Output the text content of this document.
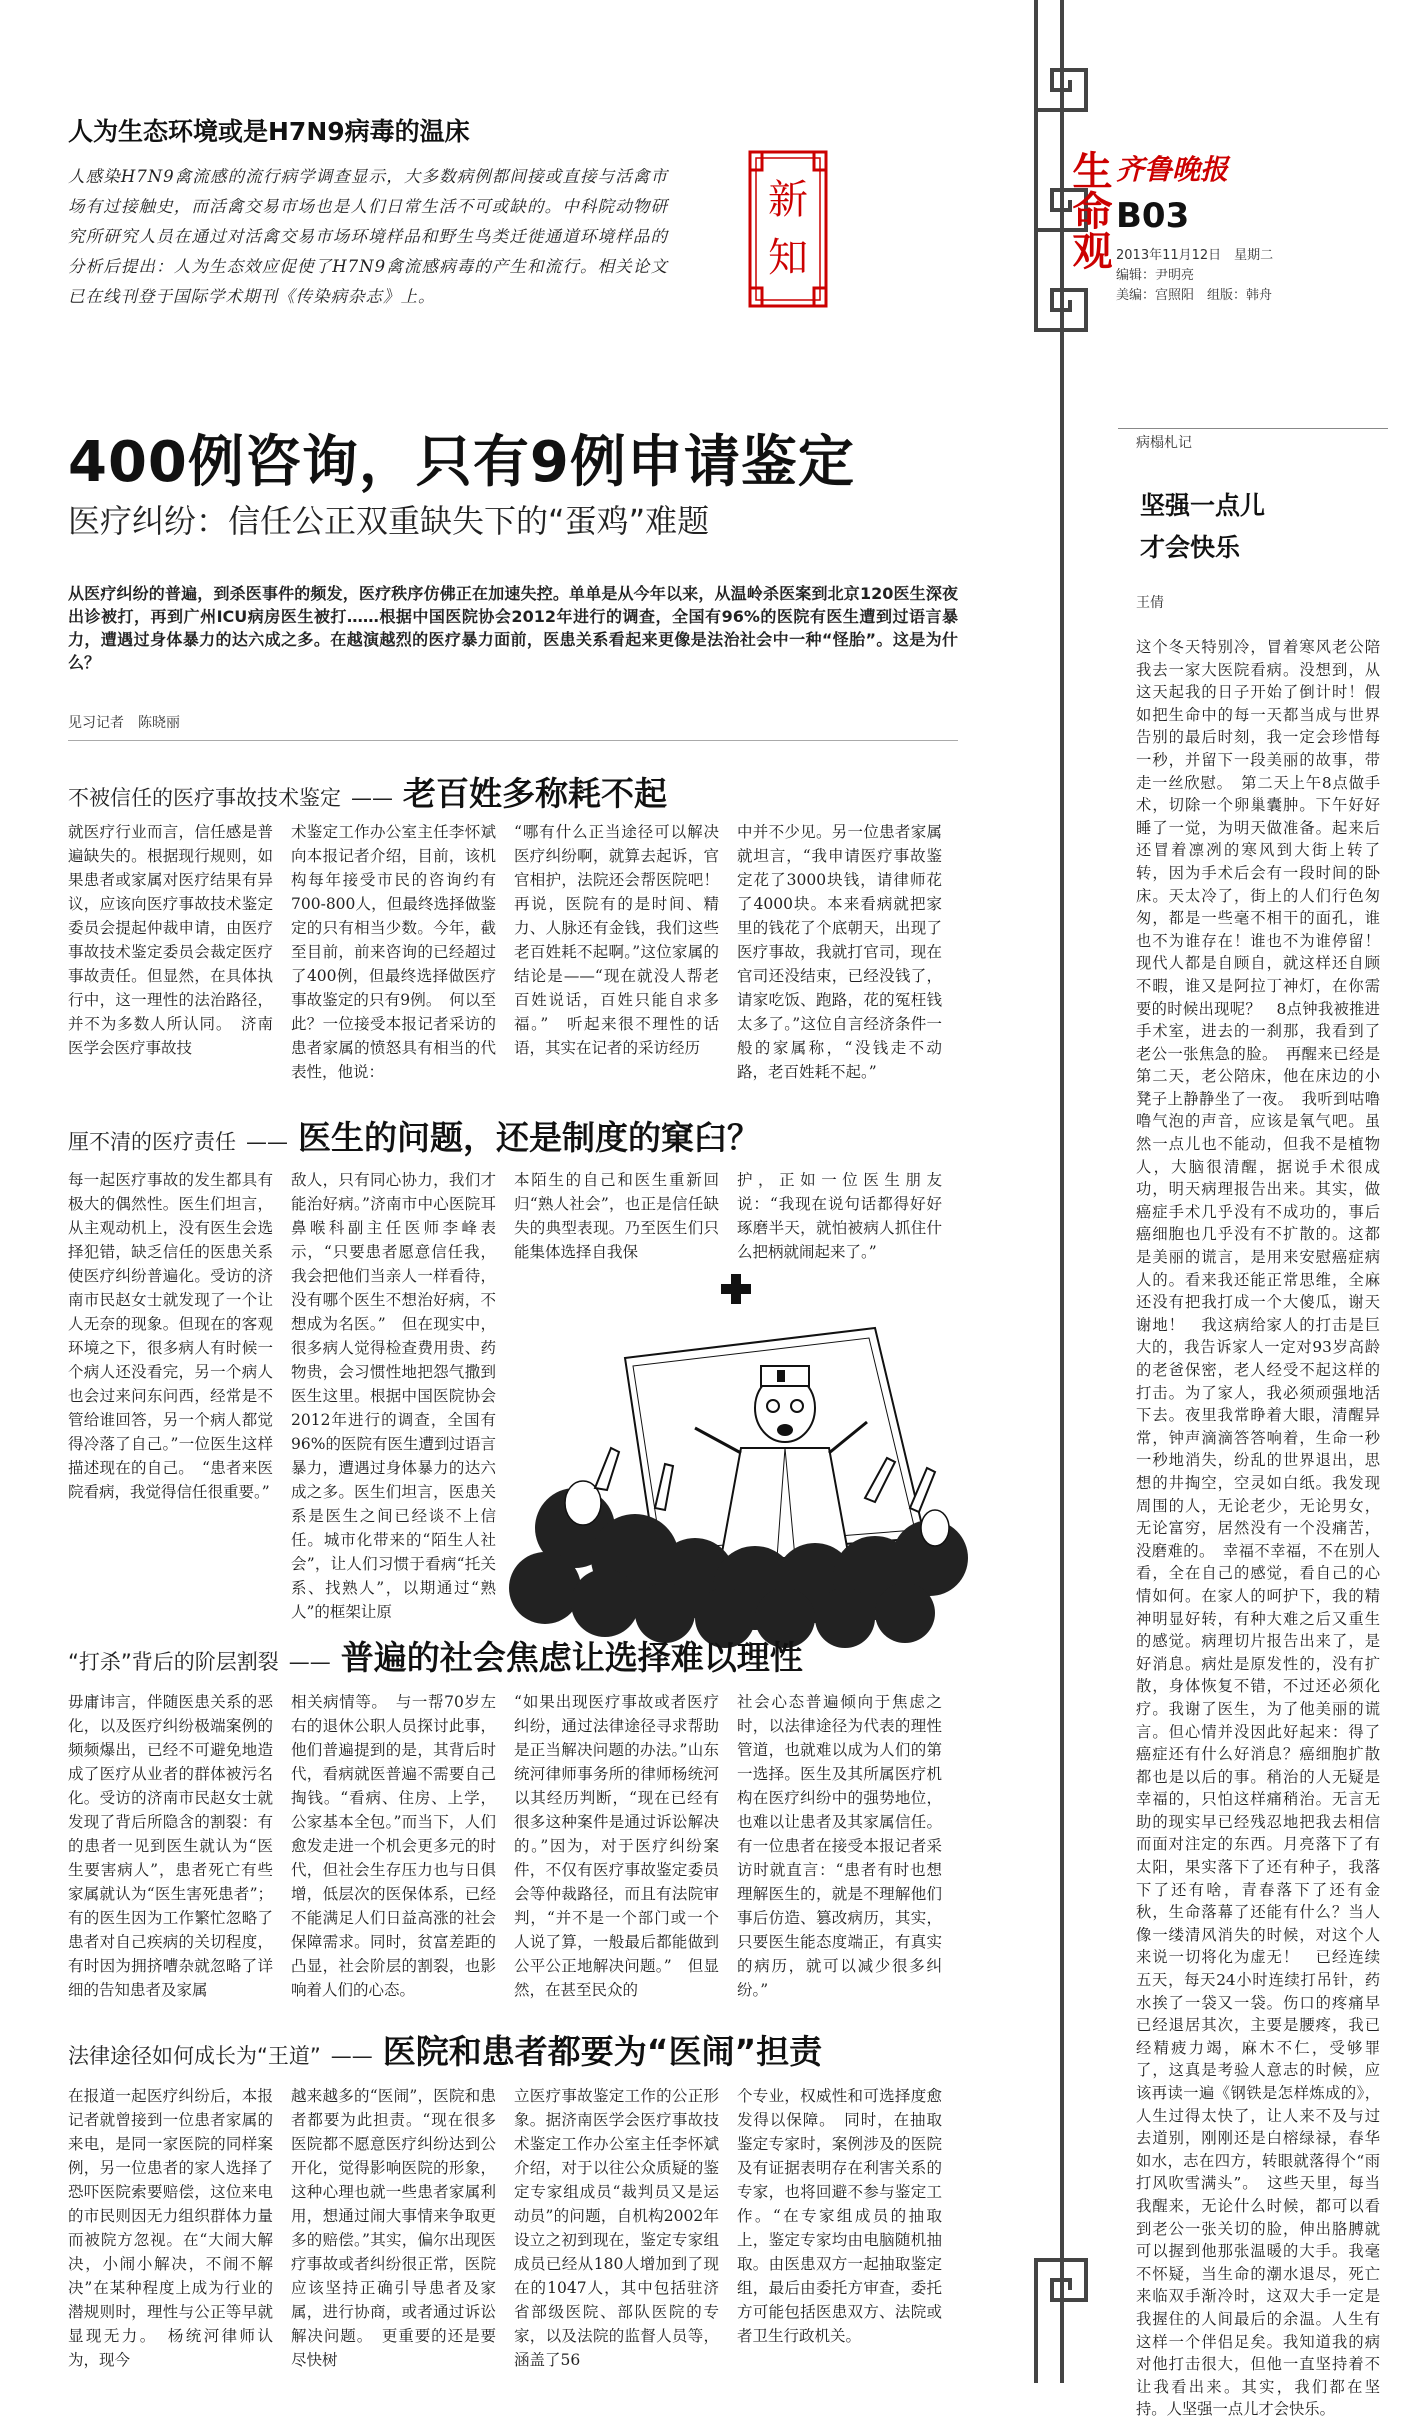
生命观 齐鲁晚报
B03
2013年11月12日　星期二
编辑：尹明亮
美编：宫照阳　组版：韩舟
人为生态环境或是H7N9病毒的温床
人感染H7N9禽流感的流行病学调查显示，大多数病例都间接或直接与活禽市场有过接触史，而活禽交易市场也是人们日常生活不可或缺的。中科院动物研究所研究人员在通过对活禽交易市场环境样品和野生鸟类迁徙通道环境样品的分析后提出：人为生态效应促使了H7N9禽流感病毒的产生和流行。相关论文已在线刊登于国际学术期刊《传染病杂志》上。
新
知
400例咨询，只有9例申请鉴定
医疗纠纷：信任公正双重缺失下的“蛋鸡”难题
从医疗纠纷的普遍，到杀医事件的频发，医疗秩序仿佛正在加速失控。单单是从今年以来，从温岭杀医案到北京120医生深夜出诊被打，再到广州ICU病房医生被打……根据中国医院协会2012年进行的调查，全国有96%的医院有医生遭到过语言暴力，遭遇过身体暴力的达六成之多。在越演越烈的医疗暴力面前，医患关系看起来更像是法治社会中一种“怪胎”。这是为什么？
见习记者　陈晓丽
不被信任的医疗事故技术鉴定 —— 老百姓多称耗不起
就医疗行业而言，信任感是普遍缺失的。根据现行规则，如果患者或家属对医疗结果有异议，应该向医疗事故技术鉴定委员会提起仲裁申请，由医疗事故技术鉴定委员会裁定医疗事故责任。但显然，在具体执行中，这一理性的法治路径，并不为多数人所认同。　济南医学会医疗事故技
术鉴定工作办公室主任李怀斌向本报记者介绍，目前，该机构每年接受市民的咨询约有700-800人，但最终选择做鉴定的只有相当少数。今年，截至目前，前来咨询的已经超过了400例，但最终选择做医疗事故鉴定的只有9例。　何以至此？一位接受本报记者采访的患者家属的愤怒具有相当的代表性，他说：
“哪有什么正当途径可以解决医疗纠纷啊，就算去起诉，官官相护，法院还会帮医院吧！再说，医院有的是时间、精力、人脉还有金钱，我们这些老百姓耗不起啊。”这位家属的结论是——“现在就没人帮老百姓说话，百姓只能自求多福。”　听起来很不理性的话语，其实在记者的采访经历
中并不少见。另一位患者家属就坦言，“我申请医疗事故鉴定花了3000块钱，请律师花了4000块。本来看病就把家里的钱花了个底朝天，出现了医疗事故，我就打官司，现在官司还没结束，已经没钱了，请家吃饭、跑路，花的冤枉钱太多了。”这位自言经济条件一般的家属称，“没钱走不动路，老百姓耗不起。”
厘不清的医疗责任 —— 医生的问题，还是制度的窠臼？
每一起医疗事故的发生都具有极大的偶然性。医生们坦言，从主观动机上，没有医生会选择犯错，缺乏信任的医患关系使医疗纠纷普遍化。受访的济南市民赵女士就发现了一个让人无奈的现象。但现在的客观环境之下，很多病人有时候一个病人还没看完，另一个病人也会过来问东问西，经常是不管给谁回答，另一个病人都觉得冷落了自己。”一位医生这样描述现在的自己。　“患者来医院看病，我觉得信任很重要。”
敌人，只有同心协力，我们才能治好病。”济南市中心医院耳鼻喉科副主任医师李峰表示，“只要患者愿意信任我，我会把他们当亲人一样看待，没有哪个医生不想治好病，不想成为名医。”　但在现实中，很多病人觉得检查费用贵、药物贵，会习惯性地把怨气撒到医生这里。根据中国医院协会2012年进行的调查，全国有96%的医院有医生遭到过语言暴力，遭遇过身体暴力的达六成之多。医生们坦言，医患关系是医生之间已经谈不上信任。城市化带来的“陌生人社会”，让人们习惯于看病“托关系、找熟人”，以期通过“熟人”的框架让原
本陌生的自己和医生重新回归“熟人社会”，也正是信任缺失的典型表现。乃至医生们只能集体选择自我保
护，正如一位医生朋友说：“我现在说句话都得好好琢磨半天，就怕被病人抓住什么把柄就闹起来了。”
“打杀”背后的阶层割裂 —— 普遍的社会焦虑让选择难以理性
毋庸讳言，伴随医患关系的恶化，以及医疗纠纷极端案例的频频爆出，已经不可避免地造成了医疗从业者的群体被污名化。受访的济南市民赵女士就发现了背后所隐含的割裂：有的患者一见到医生就认为“医生要害病人”，患者死亡有些家属就认为“医生害死患者”；有的医生因为工作繁忙忽略了患者对自己疾病的关切程度，有时因为拥挤嘈杂就忽略了详细的告知患者及家属
相关病情等。　与一帮70岁左右的退休公职人员探讨此事，他们普遍提到的是，其背后时代，看病就医普遍不需要自己掏钱。“看病、住房、上学，公家基本全包。”而当下，人们愈发走进一个机会更多元的时代，但社会生存压力也与日俱增，低层次的医保体系，已经不能满足人们日益高涨的社会保障需求。同时，贫富差距的凸显，社会阶层的割裂，也影响着人们的心态。
“如果出现医疗事故或者医疗纠纷，通过法律途径寻求帮助是正当解决问题的办法。”山东统河律师事务所的律师杨统河以其经历判断，“现在已经有很多这种案件是通过诉讼解决的。”因为，对于医疗纠纷案件，不仅有医疗事故鉴定委员会等仲裁路径，而且有法院审判，“并不是一个部门或一个人说了算，一般最后都能做到公平公正地解决问题。”　但显然，在甚至民众的
社会心态普遍倾向于焦虑之时，以法律途径为代表的理性管道，也就难以成为人们的第一选择。医生及其所属医疗机构在医疗纠纷中的强势地位，也难以让患者及其家属信任。有一位患者在接受本报记者采访时就直言：“患者有时也想理解医生的，就是不理解他们事后仿造、篡改病历，其实，只要医生能态度端正，有真实的病历，就可以减少很多纠纷。”
法律途径如何成长为“王道” —— 医院和患者都要为“医闹”担责
在报道一起医疗纠纷后，本报记者就曾接到一位患者家属的来电，是同一家医院的同样案例，另一位患者的家人选择了恐吓医院索要赔偿，这位来电的市民则因无力组织群体力量而被院方忽视。在“大闹大解决，小闹小解决，不闹不解决”在某种程度上成为行业的潜规则时，理性与公正等早就显现无力。　杨统河律师认为，现今
越来越多的“医闹”，医院和患者都要为此担责。“现在很多医院都不愿意医疗纠纷达到公开化，觉得影响医院的形象，这种心理也就一些患者家属利用，想通过闹大事情来争取更多的赔偿。”其实，偏尔出现医疗事故或者纠纷很正常，医院应该坚持正确引导患者及家属，进行协商，或者通过诉讼解决问题。　更重要的还是要尽快树
立医疗事故鉴定工作的公正形象。据济南医学会医疗事故技术鉴定工作办公室主任李怀斌介绍，对于以往公众质疑的鉴定专家组成员“裁判员又是运动员”的问题，自机构2002年设立之初到现在，鉴定专家组成员已经从180人增加到了现在的1047人，其中包括驻济省部级医院、部队医院的专家，以及法院的监督人员等，涵盖了56
个专业，权威性和可选择度愈发得以保障。　同时，在抽取鉴定专家时，案例涉及的医院及有证据表明存在利害关系的专家，也将回避不参与鉴定工作。“在专家组成员的抽取上，鉴定专家均由电脑随机抽取。由医患双方一起抽取鉴定组，最后由委托方审查，委托方可能包括医患双方、法院或者卫生行政机关。
病榻札记
坚强一点儿
才会快乐
王倩
这个冬天特别冷，冒着寒风老公陪我去一家大医院看病。没想到，从这天起我的日子开始了倒计时！假如把生命中的每一天都当成与世界告别的最后时刻，我一定会珍惜每一秒，并留下一段美丽的故事，带走一丝欣慰。　第二天上午8点做手术，切除一个卵巢囊肿。下午好好睡了一觉，为明天做准备。起来后还冒着凛冽的寒风到大街上转了转，因为手术后会有一段时间的卧床。天太冷了，街上的人们行色匆匆，都是一些毫不相干的面孔，谁也不为谁存在！谁也不为谁停留！现代人都是自顾自，就这样还自顾不暇，谁又是阿拉丁神灯，在你需要的时候出现呢？　8点钟我被推进手术室，进去的一刹那，我看到了老公一张焦急的脸。　再醒来已经是第二天，老公陪床，他在床边的小凳子上静静坐了一夜。　我听到咕噜噜气泡的声音，应该是氧气吧。虽然一点儿也不能动，但我不是植物人，大脑很清醒，据说手术很成功，明天病理报告出来。其实，做癌症手术几乎没有不成功的，事后癌细胞也几乎没有不扩散的。这都是美丽的谎言，是用来安慰癌症病人的。看来我还能正常思维，全麻还没有把我打成一个大傻瓜，谢天谢地！　我这病给家人的打击是巨大的，我告诉家人一定对93岁高龄的老爸保密，老人经受不起这样的打击。为了家人，我必须顽强地活下去。夜里我常睁着大眼，清醒异常，钟声滴滴答答响着，生命一秒一秒地消失，纷乱的世界退出，思想的井掏空，空灵如白纸。我发现周围的人，无论老少，无论男女，无论富穷，居然没有一个没痛苦，没磨难的。　幸福不幸福，不在别人看，全在自己的感觉，看自己的心情如何。在家人的呵护下，我的精神明显好转，有种大难之后又重生的感觉。病理切片报告出来了，是好消息。病灶是原发性的，没有扩散，身体恢复不错，不过还必须化疗。我谢了医生，为了他美丽的谎言。但心情并没因此好起来：得了癌症还有什么好消息？癌细胞扩散都也是以后的事。稍治的人无疑是幸福的，只怕这样痛稍治。无言无助的现实早已经残忍地把我去相信而面对注定的东西。月亮落下了有太阳，果实落下了还有种子，我落下了还有啥，青春落下了还有金秋，生命落幕了还能有什么？当人像一缕清风消失的时候，对这个人来说一切将化为虚无！　已经连续五天，每天24小时连续打吊针，药水挨了一袋又一袋。伤口的疼痛早已经退居其次，主要是腰疼，我已经精疲力竭，麻木不仁，受够罪了，这真是考验人意志的时候，应该再读一遍《钢铁是怎样炼成的》，人生过得太快了，让人来不及与过去道别，刚刚还是白榕绿禄，春华如水，志在四方，转眼就落得个“雨打风吹雪满头”。　这些天里，每当我醒来，无论什么时候，都可以看到老公一张关切的脸，伸出胳膊就可以握到他那张温暖的大手。我毫不怀疑，当生命的潮水退尽，死亡来临双手渐冷时，这双大手一定是我握住的人间最后的余温。人生有这样一个伴侣足矣。我知道我的病对他打击很大，但他一直坚持着不让我看出来。其实，我们都在坚持。人坚强一点儿才会快乐。
